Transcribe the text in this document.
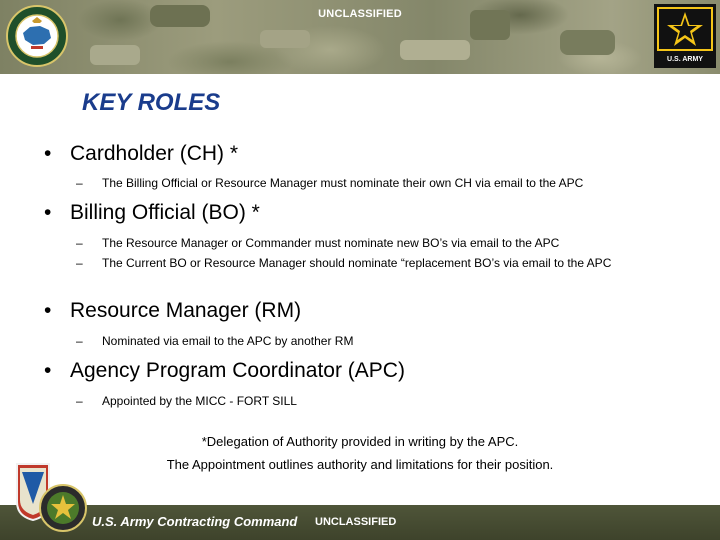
UNCLASSIFIED
U.S. ARMY
KEY ROLES
• Cardholder (CH) *
– The Billing Official or Resource Manager must nominate their own CH via email to the APC
• Billing Official (BO) *
– The Resource Manager or Commander must nominate new BO’s via email to the APC
– The Current BO or Resource Manager should nominate “replacement BO’s via email to the APC
• Resource Manager (RM)
– Nominated via email to the APC by another RM
• Agency Program Coordinator (APC)
– Appointed by the MICC - FORT SILL
*Delegation of Authority provided in writing by the APC.
The Appointment outlines authority and limitations for their position.
U.S. Army Contracting Command UNCLASSIFIED
